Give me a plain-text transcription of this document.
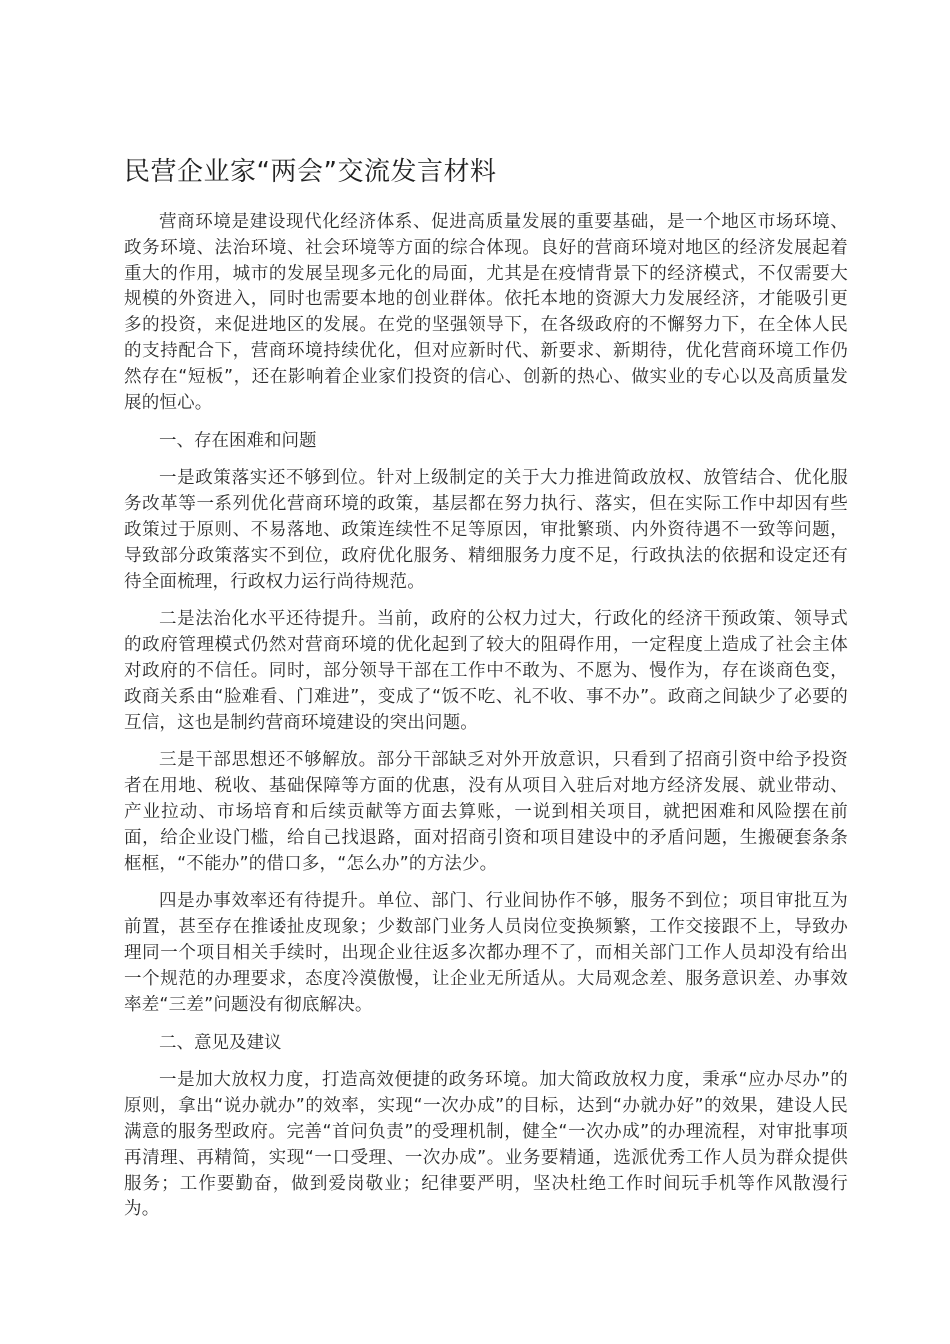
民营企业家“两会”交流发言材料

营商环境是建设现代化经济体系、促进高质量发展的重要基础，是一个地区市场环境、政务环境、法治环境、社会环境等方面的综合体现。良好的营商环境对地区的经济发展起着重大的作用，城市的发展呈现多元化的局面，尤其是在疫情背景下的经济模式，不仅需要大规模的外资进入，同时也需要本地的创业群体。依托本地的资源大力发展经济，才能吸引更多的投资，来促进地区的发展。在党的坚强领导下，在各级政府的不懈努力下，在全体人民的支持配合下，营商环境持续优化，但对应新时代、新要求、新期待，优化营商环境工作仍然存在“短板”，还在影响着企业家们投资的信心、创新的热心、做实业的专心以及高质量发展的恒心。

一、存在困难和问题

一是政策落实还不够到位。针对上级制定的关于大力推进简政放权、放管结合、优化服务改革等一系列优化营商环境的政策，基层都在努力执行、落实，但在实际工作中却因有些政策过于原则、不易落地、政策连续性不足等原因，审批繁琐、内外资待遇不一致等问题，导致部分政策落实不到位，政府优化服务、精细服务力度不足，行政执法的依据和设定还有待全面梳理，行政权力运行尚待规范。

二是法治化水平还待提升。当前，政府的公权力过大，行政化的经济干预政策、领导式的政府管理模式仍然对营商环境的优化起到了较大的阻碍作用，一定程度上造成了社会主体对政府的不信任。同时，部分领导干部在工作中不敢为、不愿为、慢作为，存在谈商色变，政商关系由“脸难看、门难进”，变成了“饭不吃、礼不收、事不办”。政商之间缺少了必要的互信，这也是制约营商环境建设的突出问题。

三是干部思想还不够解放。部分干部缺乏对外开放意识，只看到了招商引资中给予投资者在用地、税收、基础保障等方面的优惠，没有从项目入驻后对地方经济发展、就业带动、产业拉动、市场培育和后续贡献等方面去算账，一说到相关项目，就把困难和风险摆在前面，给企业设门槛，给自己找退路，面对招商引资和项目建设中的矛盾问题，生搬硬套条条框框，“不能办”的借口多，“怎么办”的方法少。

四是办事效率还有待提升。单位、部门、行业间协作不够，服务不到位；项目审批互为前置，甚至存在推诿扯皮现象；少数部门业务人员岗位变换频繁，工作交接跟不上，导致办理同一个项目相关手续时，出现企业往返多次都办理不了，而相关部门工作人员却没有给出一个规范的办理要求，态度冷漠傲慢，让企业无所适从。大局观念差、服务意识差、办事效率差“三差”问题没有彻底解决。

二、意见及建议

一是加大放权力度，打造高效便捷的政务环境。加大简政放权力度，秉承“应办尽办”的原则，拿出“说办就办”的效率，实现“一次办成”的目标，达到“办就办好”的效果，建设人民满意的服务型政府。完善“首问负责”的受理机制，健全“一次办成”的办理流程，对审批事项再清理、再精简，实现“一口受理、一次办成”。业务要精通，选派优秀工作人员为群众提供服务；工作要勤奋，做到爱岗敬业；纪律要严明，坚决杜绝工作时间玩手机等作风散漫行为。
